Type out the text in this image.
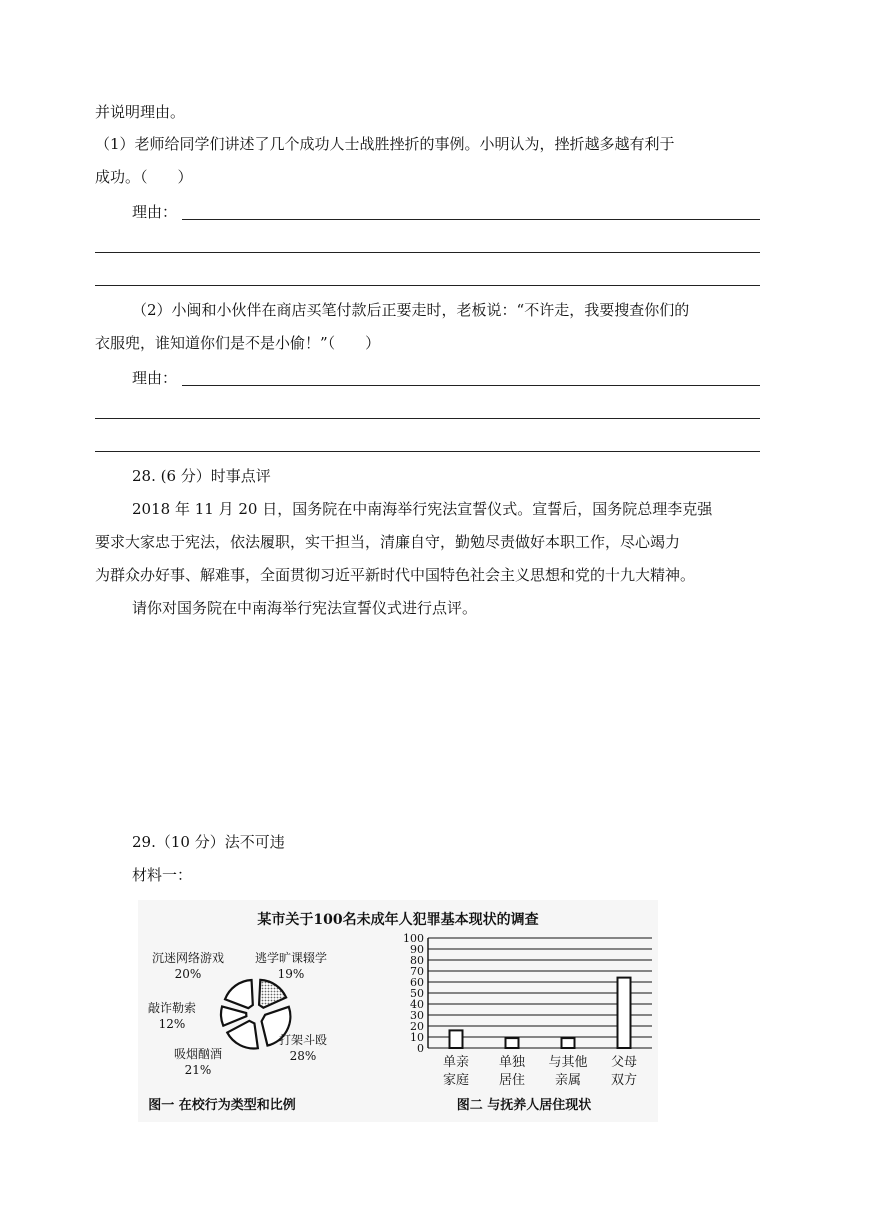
并说明理由。
（1）老师给同学们讲述了几个成功人士战胜挫折的事例。小明认为，挫折越多越有利于
成功。（　　）
理由：
（2）小闽和小伙伴在商店买笔付款后正要走时，老板说：“不许走，我要搜查你们的
衣服兜，谁知道你们是不是小偷！”（　　）
理由：
28. (6 分）时事点评
2018 年 11 月 20 日，国务院在中南海举行宪法宣誓仪式。宣誓后，国务院总理李克强
要求大家忠于宪法，依法履职，实干担当，清廉自守，勤勉尽责做好本职工作，尽心竭力
为群众办好事、解难事，全面贯彻习近平新时代中国特色社会主义思想和党的十九大精神。
请你对国务院在中南海举行宪法宣誓仪式进行点评。
29.（10 分）法不可违
材料一：
某市关于100名未成年人犯罪基本现状的调查
逃学旷课辍学
19%
打架斗殴
28%
吸烟酗酒
21%
敲诈勒索
12%
沉迷网络游戏
20%
0
10
20
30
40
50
60
70
80
90
100
单亲
家庭
单独
居住
与其他
亲属
父母
双方
图一 在校行为类型和比例	图二 与抚养人居住现状
